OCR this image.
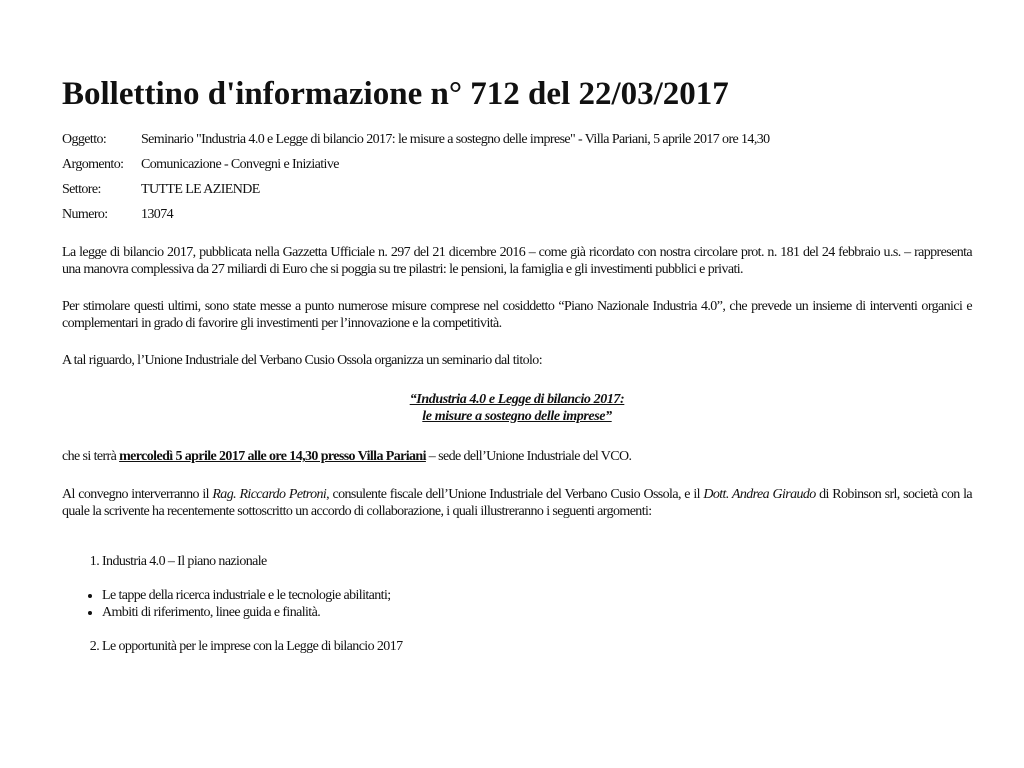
Bollettino d'informazione n° 712 del 22/03/2017
Oggetto:	Seminario "Industria 4.0 e Legge di bilancio 2017: le misure a sostegno delle imprese" - Villa Pariani, 5 aprile 2017 ore 14,30
Argomento:	Comunicazione - Convegni e Iniziative
Settore:	TUTTE LE AZIENDE
Numero:	13074

La legge di bilancio 2017, pubblicata nella Gazzetta Ufficiale n. 297 del 21 dicembre 2016 – come già ricordato con nostra circolare prot. n. 181 del 24 febbraio u.s. – rappresenta una manovra complessiva da 27 miliardi di Euro che si poggia su tre pilastri: le pensioni, la famiglia e gli investimenti pubblici e privati.

Per stimolare questi ultimi, sono state messe a punto numerose misure comprese nel cosiddetto “Piano Nazionale Industria 4.0”, che prevede un insieme di interventi organici e complementari in grado di favorire gli investimenti per l’innovazione e la competitività.

A tal riguardo, l’Unione Industriale del Verbano Cusio Ossola organizza un seminario dal titolo:

“Industria 4.0 e Legge di bilancio 2017:
le misure a sostegno delle imprese”

che si terrà mercoledì 5 aprile 2017 alle ore 14,30 presso Villa Pariani – sede dell’Unione Industriale del VCO.

Al convegno interverranno il Rag. Riccardo Petroni, consulente fiscale dell’Unione Industriale del Verbano Cusio Ossola, e il Dott. Andrea Giraudo di Robinson srl, società con la quale la scrivente ha recentemente sottoscritto un accordo di collaborazione, i quali illustreranno i seguenti argomenti:

1. Industria 4.0 – Il piano nazionale
• Le tappe della ricerca industriale e le tecnologie abilitanti;
• Ambiti di riferimento, linee guida e finalità.
2. Le opportunità per le imprese con la Legge di bilancio 2017
